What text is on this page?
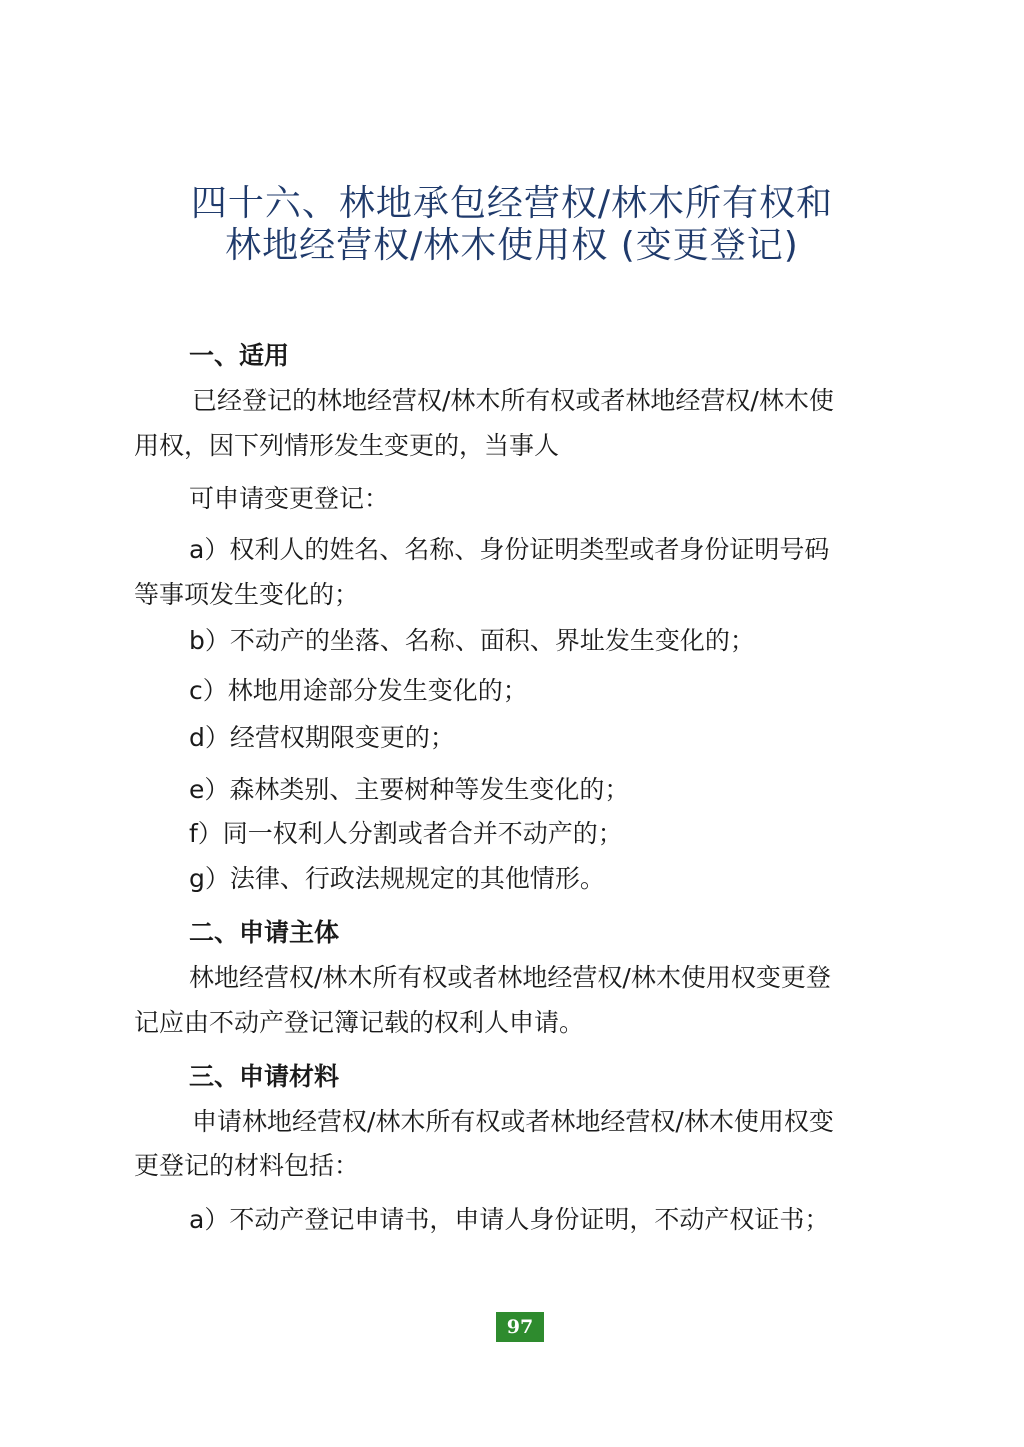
四十六、林地承包经营权/林木所有权和
林地经营权/林木使用权 (变更登记)
一、适用
已经登记的林地经营权/林木所有权或者林地经营权/林木使
用权，因下列情形发生变更的，当事人
可申请变更登记：
a）权利人的姓名、名称、身份证明类型或者身份证明号码
等事项发生变化的；
b）不动产的坐落、名称、面积、界址发生变化的；
c）林地用途部分发生变化的；
d）经营权期限变更的；
e）森林类别、主要树种等发生变化的；
f）同一权利人分割或者合并不动产的；
g）法律、行政法规规定的其他情形。
二、申请主体
林地经营权/林木所有权或者林地经营权/林木使用权变更登
记应由不动产登记簿记载的权利人申请。
三、申请材料
申请林地经营权/林木所有权或者林地经营权/林木使用权变
更登记的材料包括：
a）不动产登记申请书，申请人身份证明，不动产权证书；
97
